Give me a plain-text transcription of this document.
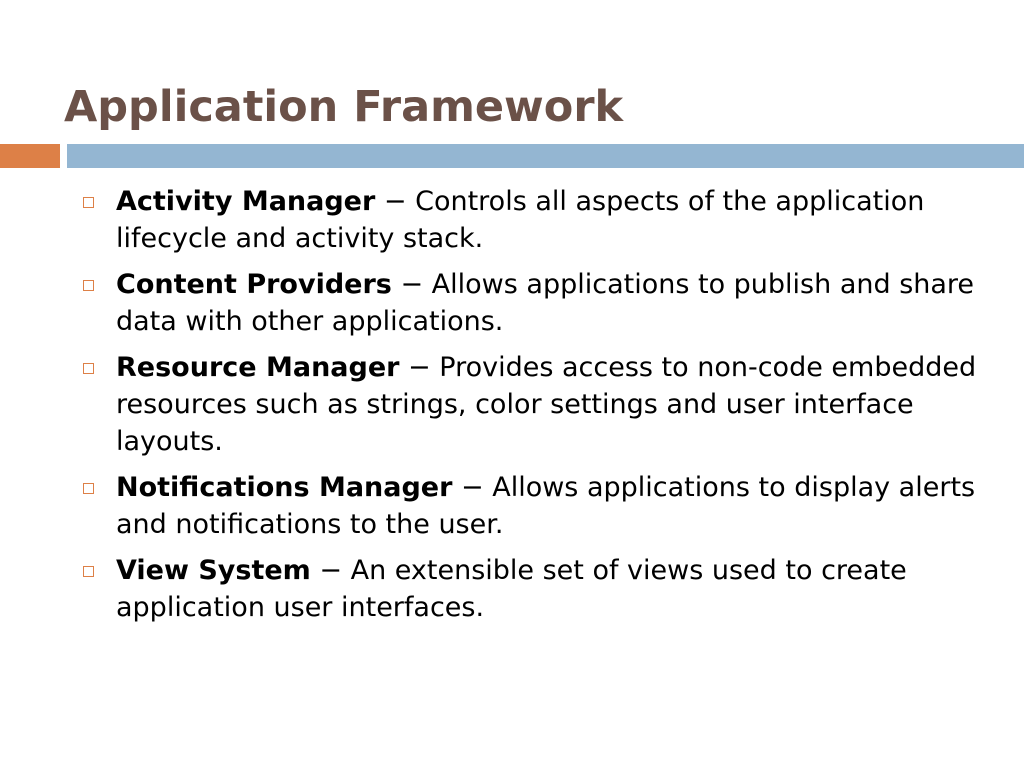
Application Framework
Activity Manager − Controls all aspects of the application lifecycle and activity stack.
Content Providers − Allows applications to publish and share data with other applications.
Resource Manager − Provides access to non-code embedded resources such as strings, color settings and user interface layouts.
Notifications Manager − Allows applications to display alerts and notifications to the user.
View System − An extensible set of views used to create application user interfaces.
